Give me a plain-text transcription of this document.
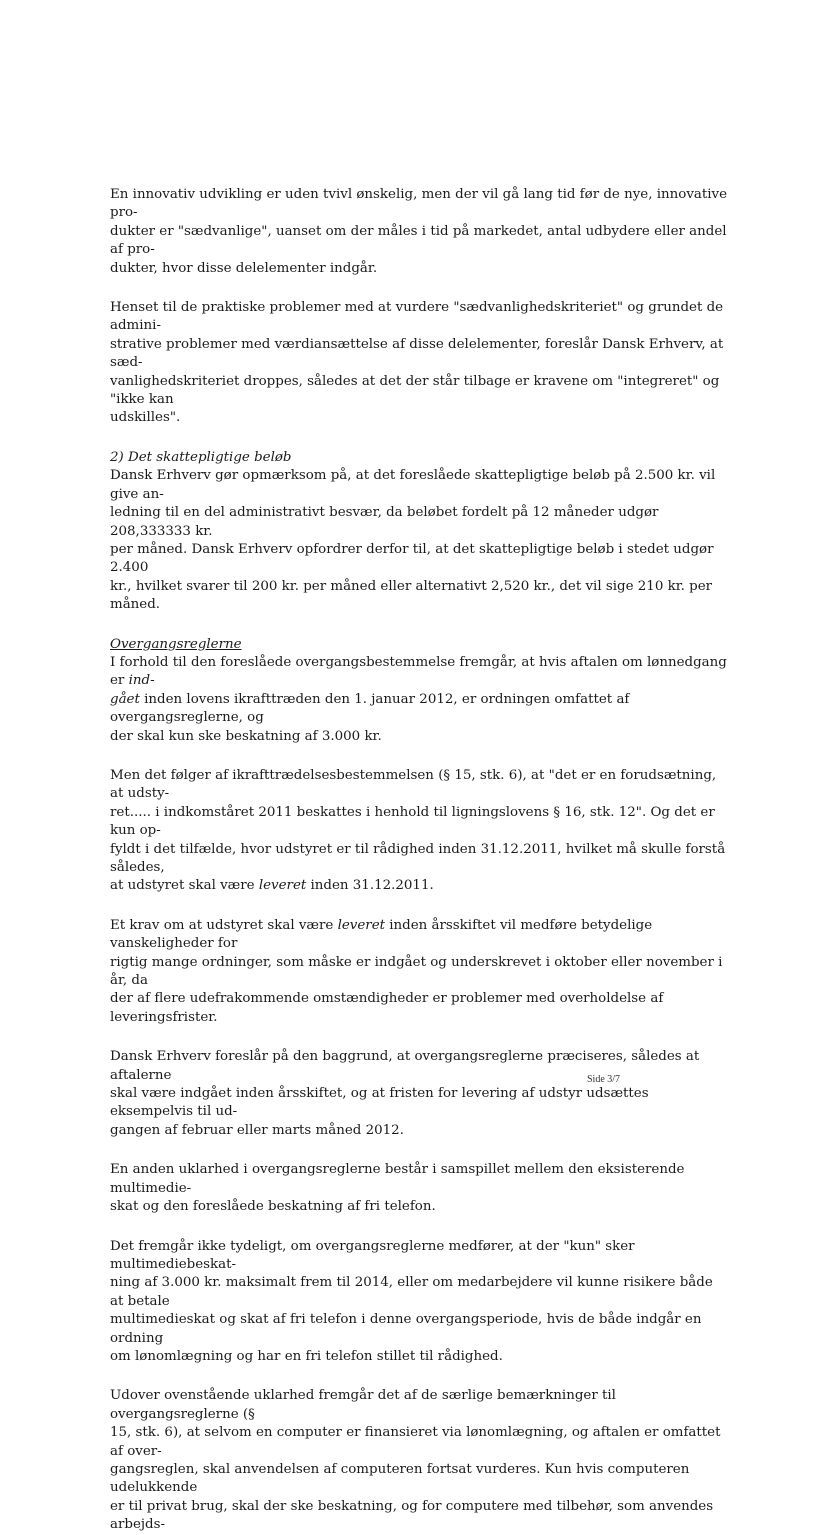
En innovativ udvikling er uden tvivl ønskelig, men der vil gå lang tid før de nye, innovative pro-
dukter er "sædvanlige", uanset om der måles i tid på markedet, antal udbydere eller andel af pro-
dukter, hvor disse delelementer indgår.

Henset til de praktiske problemer med at vurdere "sædvanlighedskriteriet" og grundet de admini-
strative problemer med værdiansættelse af disse delelementer, foreslår Dansk Erhverv, at sæd-
vanlighedskriteriet droppes, således at det der står tilbage er kravene om "integreret" og "ikke kan
udskilles".

2) Det skattepligtige beløb

Dansk Erhverv gør opmærksom på, at det foreslåede skattepligtige beløb på 2.500 kr. vil give an-
ledning til en del administrativt besvær, da beløbet fordelt på 12 måneder udgør 208,333333 kr.
per måned. Dansk Erhverv opfordrer derfor til, at det skattepligtige beløb i stedet udgør 2.400
kr., hvilket svarer til 200 kr. per måned eller alternativt 2,520 kr., det vil sige 210 kr. per måned.

Overgangsreglerne

I forhold til den foreslåede overgangsbestemmelse fremgår, at hvis aftalen om lønnedgang er ind-
gået inden lovens ikrafttræden den 1. januar 2012, er ordningen omfattet af overgangsreglerne, og
der skal kun ske beskatning af 3.000 kr.

Men det følger af ikrafttrædelsesbestemmelsen (§ 15, stk. 6), at "det er en forudsætning, at udsty-
ret..... i indkomståret 2011 beskattes i henhold til ligningslovens § 16, stk. 12". Og det er kun op-
fyldt i det tilfælde, hvor udstyret er til rådighed inden 31.12.2011, hvilket må skulle forstå således,
at udstyret skal være leveret inden 31.12.2011.

Et krav om at udstyret skal være leveret inden årsskiftet vil medføre betydelige vanskeligheder for
rigtig mange ordninger, som måske er indgået og underskrevet i oktober eller november i år, da
der af flere udefrakommende omstændigheder er problemer med overholdelse af leveringsfrister.

Dansk Erhverv foreslår på den baggrund, at overgangsreglerne præciseres, således at aftalerne
skal være indgået inden årsskiftet, og at fristen for levering af udstyr udsættes eksempelvis til ud-
gangen af februar eller marts måned 2012.

En anden uklarhed i overgangsreglerne består i samspillet mellem den eksisterende multimedie-
skat og den foreslåede beskatning af fri telefon.

Det fremgår ikke tydeligt, om overgangsreglerne medfører, at der "kun" sker multimediebeskat-
ning af 3.000 kr. maksimalt frem til 2014, eller om medarbejdere vil kunne risikere både at betale
multimedieskat og skat af fri telefon i denne overgangsperiode, hvis de både indgår en ordning
om lønomlægning og har en fri telefon stillet til rådighed.

Udover ovenstående uklarhed fremgår det af de særlige bemærkninger til overgangsreglerne (§
15, stk. 6), at selvom en computer er finansieret via lønomlægning, og aftalen er omfattet af over-
gangsreglen, skal anvendelsen af computeren fortsat vurderes. Kun hvis computeren udelukkende
er til privat brug, skal der ske beskatning, og for computere med tilbehør, som anvendes arbejds-

Side 3/7
